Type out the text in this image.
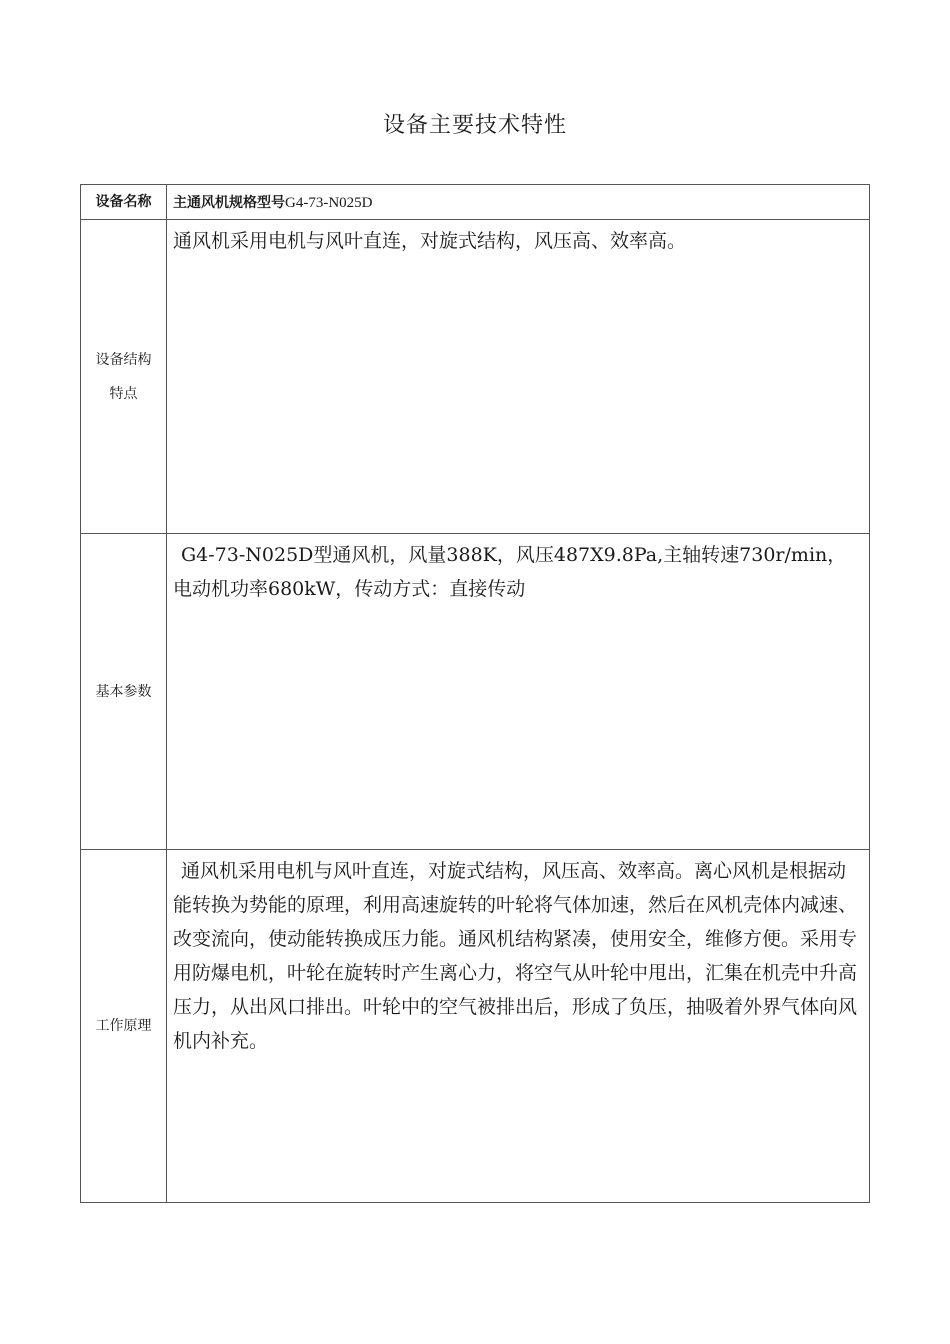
设备主要技术特性
设备名称	主通风机规格型号G4-73-N025D

设备结构
特点	通风机采用电机与风叶直连，对旋式结构，风压高、效率高。
基本参数	G4-73-N025D型通风机，风量388K，风压487X9.8Pa,主轴转速730r/min，电动机功率680kW，传动方式：直接传动
工作原理	通风机采用电机与风叶直连，对旋式结构，风压高、效率高。离心风机是根据动能转换为势能的原理，利用高速旋转的叶轮将气体加速，然后在风机壳体内减速、改变流向，使动能转换成压力能。通风机结构紧凑，使用安全，维修方便。采用专用防爆电机，叶轮在旋转时产生离心力，将空气从叶轮中甩出，汇集在机壳中升高压力，从出风口排出。叶轮中的空气被排出后，形成了负压，抽吸着外界气体向风机内补充。
